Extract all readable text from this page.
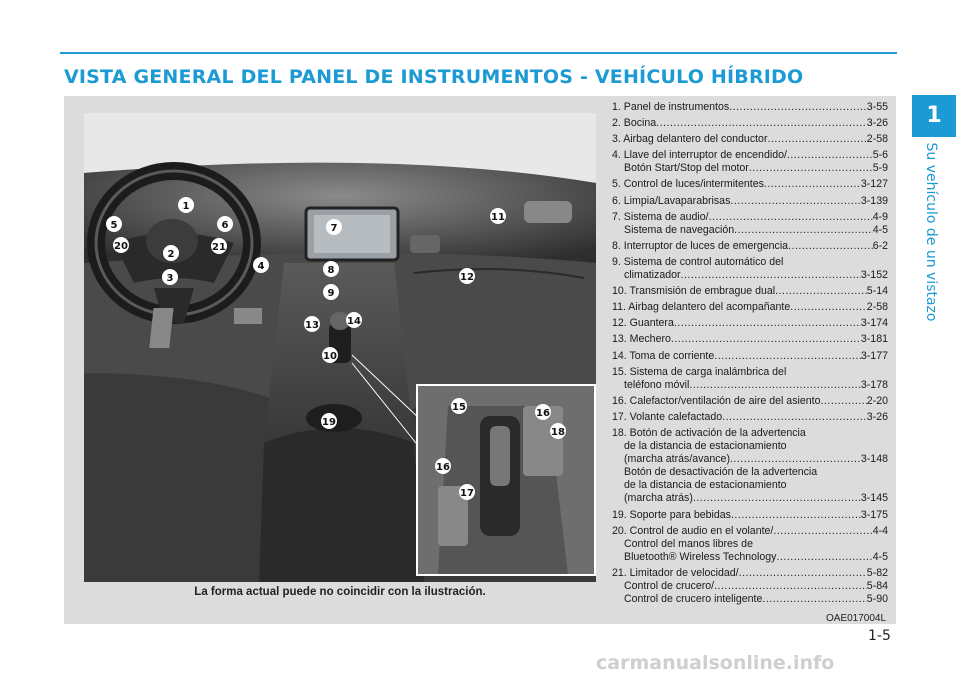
VISTA GENERAL DEL PANEL DE INSTRUMENTOS - VEHÍCULO HÍBRIDO
1
Su vehículo de un vistazo
1
2
3
4
5	6	7
8
9
10
11
12
13	14
19
20	21
15
16
17
18
16
La forma actual puede no coincidir con la ilustración.
OAE017004L
1. Panel de instrumentos .....	3-55
2. Bocina .....	3-26
3. Airbag delantero del conductor .....	2-58
4. Llave del interruptor de encendido/ .....	5-6
Botón Start/Stop del motor .....	5-9
5. Control de luces/intermitentes .....	3-127
6. Limpia/Lavaparabrisas .....	3-139
7. Sistema de audio/ .....	4-9
Sistema de navegación .....	4-5
8. Interruptor de luces de emergencia .....	6-2
9. Sistema de control automático del
climatizador .....	3-152
10. Transmisión de embrague dual .....	5-14
11. Airbag delantero del acompañante .....	2-58
12. Guantera .....	3-174
13. Mechero .....	3-181
14. Toma de corriente .....	3-177
15. Sistema de carga inalámbrica del
teléfono móvil .....	3-178
16. Calefactor/ventilación de aire del asiento .....	2-20
17. Volante calefactado .....	3-26
18. Botón de activación de la advertencia
de la distancia de estacionamiento
(marcha atrás/avance) .....	3-148
Botón de desactivación de la advertencia
de la distancia de estacionamiento
(marcha atrás) .....	3-145
19. Soporte para bebidas .....	3-175
20. Control de audio en el volante/ .....	4-4
Control del manos libres de
Bluetooth® Wireless Technology .....	4-5
21. Limitador de velocidad/ .....	5-82
Control de crucero/ .....	5-84
Control de crucero inteligente .....	5-90
1-5
carmanualsonline.info
